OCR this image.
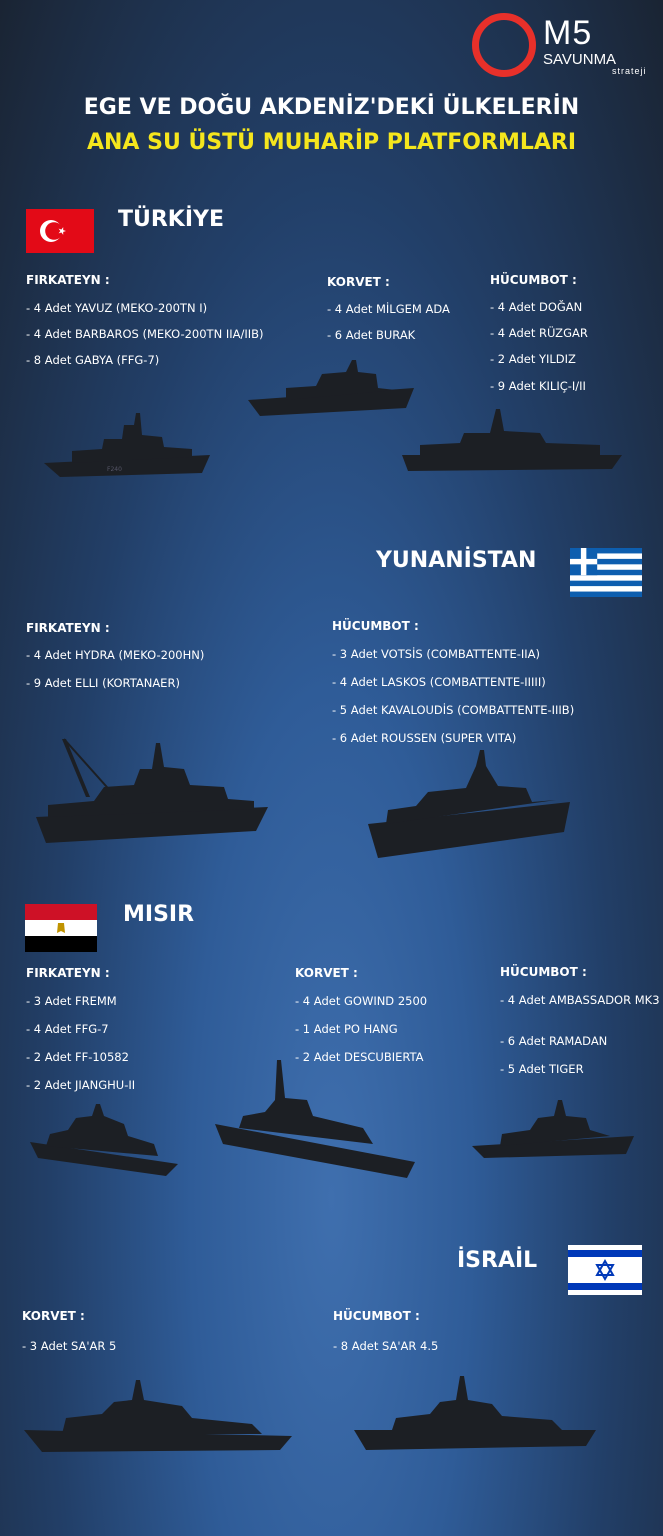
M5
SAVUNMA
strateji
EGE VE DOĞU AKDENİZ'DEKİ ÜLKELERİN
ANA SU ÜSTÜ MUHARİP PLATFORMLARI
TÜRKİYE
FIRKATEYN :
- 4 Adet YAVUZ (MEKO-200TN I)
- 4 Adet BARBAROS (MEKO-200TN IIA/IIB)
- 8 Adet GABYA (FFG-7)
KORVET :
- 4 Adet MİLGEM ADA
- 6 Adet BURAK
HÜCUMBOT :
- 4 Adet DOĞAN
- 4 Adet RÜZGAR
- 2 Adet YILDIZ
- 9 Adet KILIÇ-I/II
F240
YUNANİSTAN
FIRKATEYN :
- 4 Adet HYDRA (MEKO-200HN)
- 9 Adet ELLI (KORTANAER)
HÜCUMBOT :
- 3 Adet VOTSİS (COMBATTENTE-IIA)
- 4 Adet LASKOS (COMBATTENTE-IIIII)
- 5 Adet KAVALOUDİS (COMBATTENTE-IIIB)
- 6 Adet ROUSSEN (SUPER VITA)
MISIR
FIRKATEYN :
- 3 Adet FREMM
- 4 Adet FFG-7
- 2 Adet FF-10582
- 2 Adet JIANGHU-II
KORVET :
- 4 Adet GOWIND 2500
- 1 Adet PO HANG
- 2 Adet DESCUBIERTA
HÜCUMBOT :
- 4 Adet AMBASSADOR MK3
- 6 Adet RAMADAN
- 5 Adet TIGER
İSRAİL
KORVET :
- 3 Adet SA'AR 5
HÜCUMBOT :
- 8 Adet SA'AR 4.5
